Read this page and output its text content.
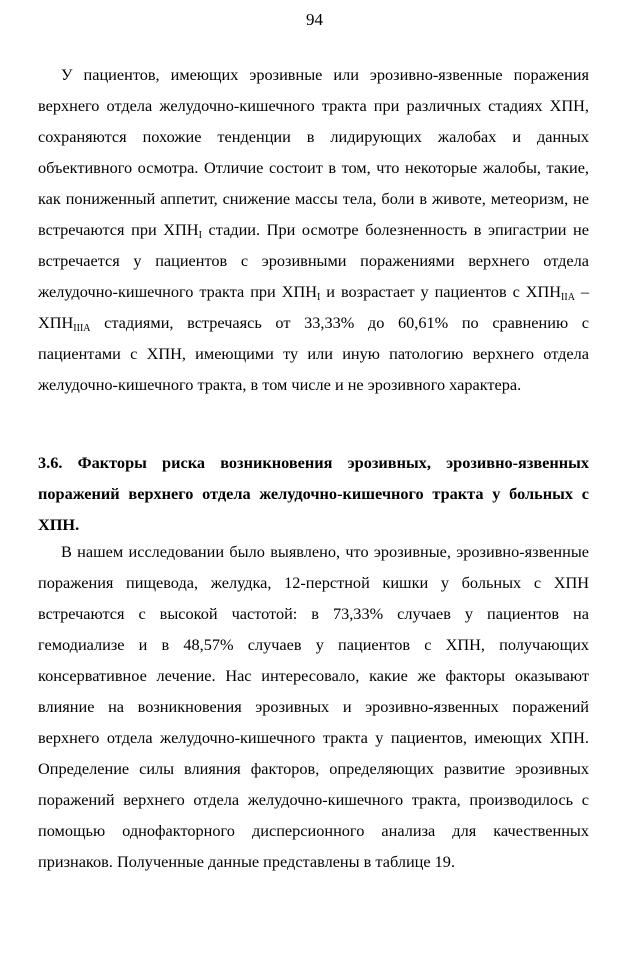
94

У пациентов, имеющих эрозивные или эрозивно-язвенные поражения верхнего отдела желудочно-кишечного тракта при различных стадиях ХПН, сохраняются похожие тенденции в лидирующих жалобах и данных объективного осмотра. Отличие состоит в том, что некоторые жалобы, такие, как пониженный аппетит, снижение массы тела, боли в животе, метеоризм, не встречаются при $ХПН_I$ стадии. При осмотре болезненность в эпигастрии не встречается у пациентов с эрозивными поражениями верхнего отдела желудочно-кишечного тракта при $ХПН_I$ и возрастает у пациентов с $ХПН_{IIA} - ХПН_{IIIA}$ стадиями, встречаясь от 33,33% до 60,61% по сравнению с пациентами с ХПН, имеющими ту или иную патологию верхнего отдела желудочно-кишечного тракта, в том числе и не эрозивного характера.

3.6. Факторы риска возникновения эрозивных, эрозивно-язвенных поражений верхнего отдела желудочно-кишечного тракта у больных с ХПН.

В нашем исследовании было выявлено, что эрозивные, эрозивно-язвенные поражения пищевода, желудка, 12-перстной кишки у больных с ХПН встречаются с высокой частотой: в 73,33% случаев у пациентов на гемодиализе и в 48,57% случаев у пациентов с ХПН, получающих консервативное лечение. Нас интересовало, какие же факторы оказывают влияние на возникновения эрозивных и эрозивно-язвенных поражений верхнего отдела желудочно-кишечного тракта у пациентов, имеющих ХПН. Определение силы влияния факторов, определяющих развитие эрозивных поражений верхнего отдела желудочно-кишечного тракта, производилось с помощью однофакторного дисперсионного анализа для качественных признаков. Полученные данные представлены в таблице 19.
